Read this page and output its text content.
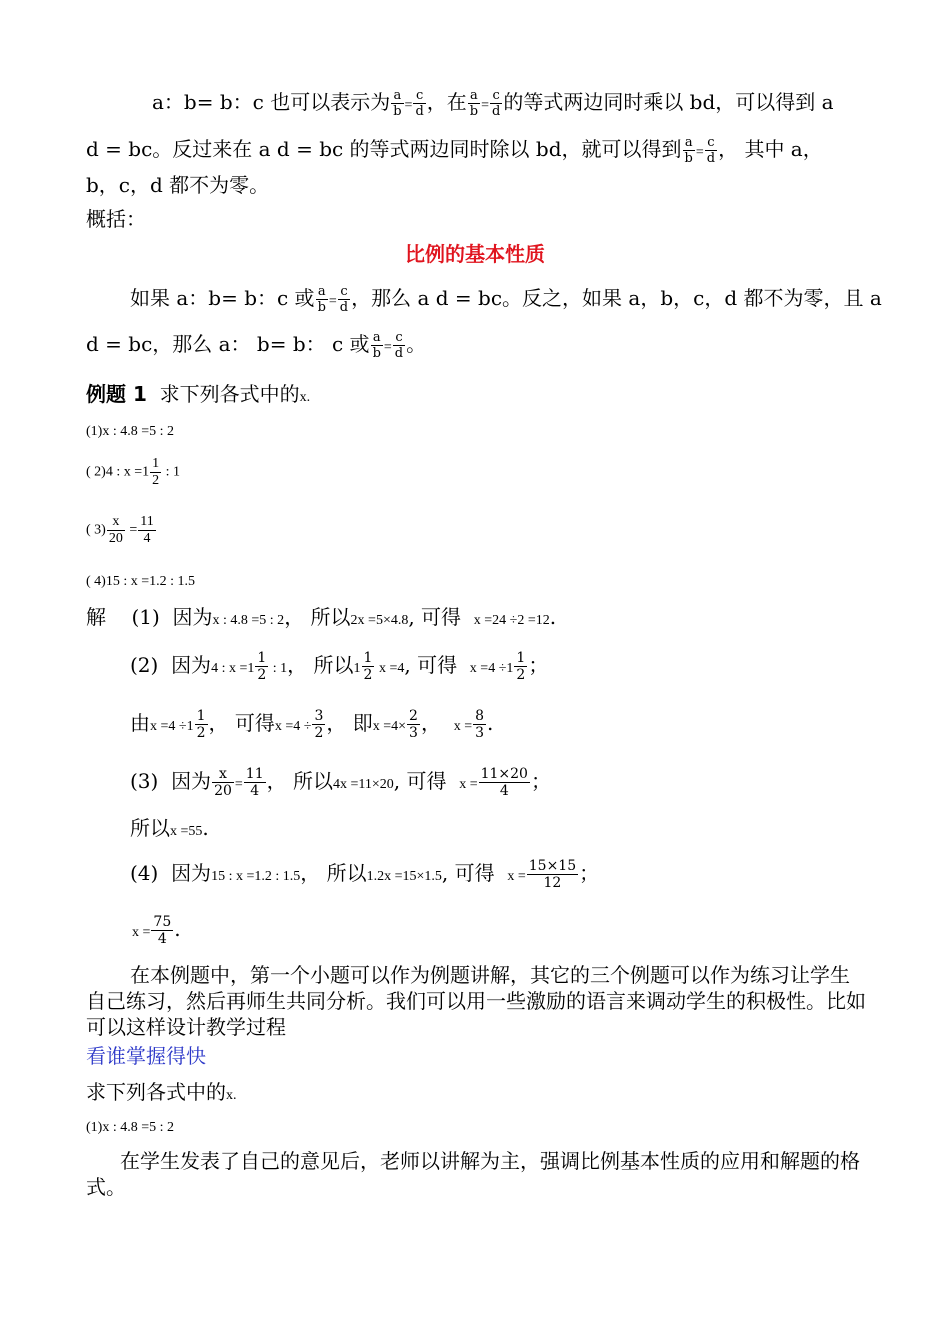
a：b= b：c 也可以表示为 $\frac{a}{b} = \frac{c}{d}$ ，在 $\frac{a}{b} = \frac{c}{d}$ 的等式两边同时乘以 bd，可以得到 a
d = bc。反过来在 a d = bc 的等式两边同时除以 bd，就可以得到 $\frac{a}{b} = \frac{c}{d}$ ， 其中 a，
b，c，d 都不为零。
概括：
比例的基本性质
如果 a：b= b：c 或 $\frac{a}{b} = \frac{c}{d}$ ，那么 a d = bc。反之，如果 a，b，c，d 都不为零，且 a
d = bc，那么 a： b= b： c 或 $\frac{a}{b} = \frac{c}{d}$ 。
例题 1 求下列各式中的x.
(1)x : 4.8 =5 : 2
( 2)4 : $x =1 \frac{1}{2}$ : 1
( $3) \frac{x}{20} = \frac{11}{4}$
( 4)15 : x =1.2 : 1.5
解 (1) 因为x : 4.8 =5 : 2， 所以2x =5×4.8, 可得 x =24 ÷2 =12.
(2) 因为4 : $x =1 \frac{1}{2}$ : 1， 所以$1 \frac{1}{2}$ x =4, 可得 $x =4 \div 1 \frac{1}{2}$ ；
由$x =4 \div 1 \frac{1}{2}$ ， 可得$x =4 \div \frac{3}{2}$ ， 即$x =4\times \frac{2}{3}$ ，  $x = \frac{8}{3}$ .
(3) 因为 $\frac{x}{20} = \frac{11}{4}$ ， 所以4x =11×20, 可得 $x = \frac{11\times 20}{4}$ ；
所以x =55.
(4) 因为15 : x =1.2 : 1.5， 所以1.2x =15×1.5, 可得 $x = \frac{15\times 15}{12}$ ；
$x = \frac{75}{4}$ .
在本例题中，第一个小题可以作为例题讲解，其它的三个例题可以作为练习让学生自己练习，然后再师生共同分析。我们可以用一些激励的语言来调动学生的积极性。比如可以这样设计教学过程
看谁掌握得快
求下列各式中的x.
(1)x : 4.8 =5 : 2
在学生发表了自己的意见后，老师以讲解为主，强调比例基本性质的应用和解题的格式。
